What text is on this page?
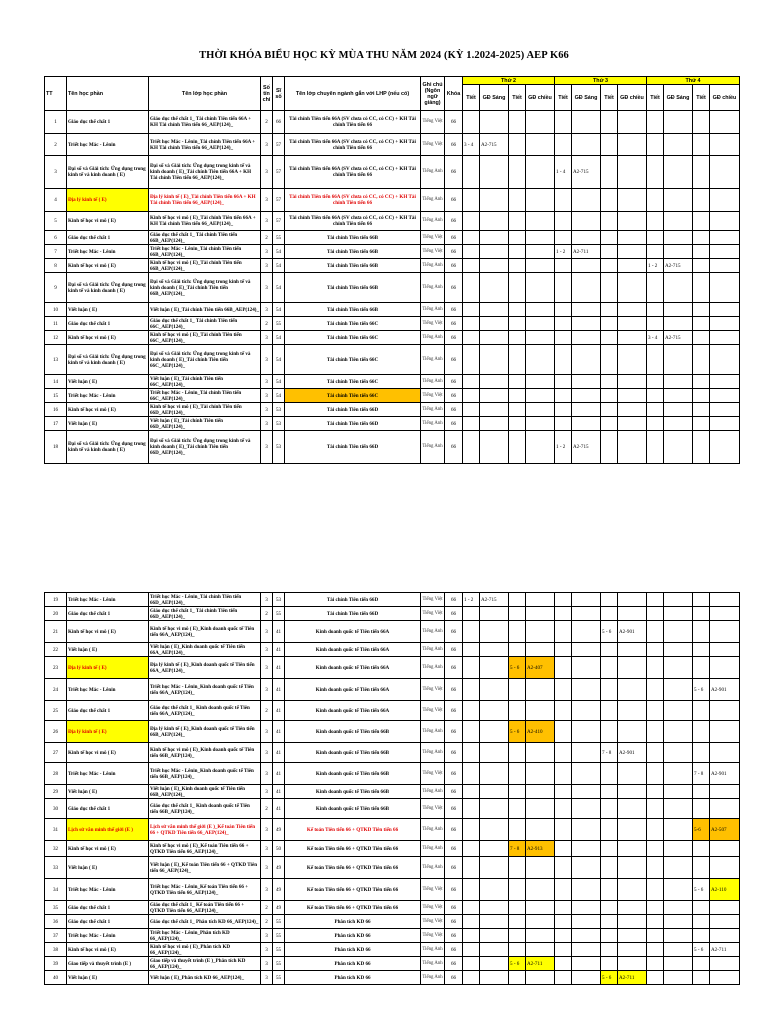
THỜI KHÓA BIỂU HỌC KỲ MÙA THU NĂM 2024 (KỲ 1.2024-2025) AEP K66
TT	Tên học phần	Tên lớp học phần	Số tín chỉ	Sĩ số	Tên lớp chuyên ngành gắn với LHP (nếu có)	Ghi chú (Ngôn ngữ giảng)	Khóa	Thứ 2				Thứ 3				Thứ 4			
								Tiết	GĐ Sáng	Tiết	GĐ chiều	Tiết	GĐ Sáng	Tiết	GĐ chiều	Tiết	GĐ Sáng	Tiết	GĐ chiều
1	Giáo dục thể chất 1	Giáo dục thể chất 1_ Tài chính Tiên tiến 66A + KH Tài chính Tiên tiến 66_AEP(124)_	2	66	Tài chính Tiên tiến 66A (SV chưa có CC, có CC) + KH Tài chính Tiên tiến 66	Tiếng Việt	66												
2	Triết học Mác - Lênin	Triết học Mác - Lênin_Tài chính Tiên tiến 66A + KH Tài chính Tiên tiến 66_AEP(124)_	3	57	Tài chính Tiên tiến 66A (SV chưa có CC, có CC) + KH Tài chính Tiên tiến 66	Tiếng Việt	66	3 - 4	A2-715										
3	Đại số và Giải tích: Ứng dụng trong kinh tế và kinh doanh ( E)	Đại số và Giải tích: Ứng dụng trong kinh tế và kinh doanh ( E)_Tài chính Tiên tiến 66A + KH Tài chính Tiên tiến 66_AEP(124)_	3	57	Tài chính Tiên tiến 66A (SV chưa có CC, có CC) + KH Tài chính Tiên tiến 66	Tiếng Anh	66					1 - 4	A2-715						
4	Địa lý kinh tế ( E)	Địa lý kinh tế ( E)_Tài chính Tiên tiến 66A + KH Tài chính Tiên tiến 66_AEP(124)_	3	57	Tài chính Tiên tiến 66A (SV chưa có CC, có CC) + KH Tài chính Tiên tiến 66	Tiếng Anh	66												
5	Kinh tế học vi mô ( E)	Kinh tế học vi mô ( E)_Tài chính Tiên tiến 66A + KH Tài chính Tiên tiến 66_AEP(124)_	3	57	Tài chính Tiên tiến 66A (SV chưa có CC, có CC) + KH Tài chính Tiên tiến 66	Tiếng Anh	66												
6	Giáo dục thể chất 1	Giáo dục thể chất 1_ Tài chính Tiên tiến 66B_AEP(124)_	2	55	Tài chính Tiên tiến 66B	Tiếng Việt	66												
7	Triết học Mác - Lênin	Triết học Mác - Lênin_Tài chính Tiên tiến 66B_AEP(124)_	3	54	Tài chính Tiên tiến 66B	Tiếng Việt	66					1 - 2	A2-711						
8	Kinh tế học vi mô ( E)	Kinh tế học vi mô ( E)_Tài chính Tiên tiến 66B_AEP(124)_	3	54	Tài chính Tiên tiến 66B	Tiếng Anh	66									1 - 2	A2-715		
9	Đại số và Giải tích: Ứng dụng trong kinh tế và kinh doanh ( E)	Đại số và Giải tích: Ứng dụng trong kinh tế và kinh doanh ( E)_Tài chính Tiên tiến 66B_AEP(124)_	3	54	Tài chính Tiên tiến 66B	Tiếng Anh	66												
10	Viết luận ( E)	Viết luận ( E)_Tài chính Tiên tiến 66B_AEP(124)_	3	54	Tài chính Tiên tiến 66B	Tiếng Anh	66												
11	Giáo dục thể chất 1	Giáo dục thể chất 1_ Tài chính Tiên tiến 66C_AEP(124)_	2	55	Tài chính Tiên tiến 66C	Tiếng Việt	66												
12	Kinh tế học vi mô ( E)	Kinh tế học vi mô ( E)_Tài chính Tiên tiến 66C_AEP(124)_	3	54	Tài chính Tiên tiến 66C	Tiếng Anh	66									3 - 4	A2-715		
13	Đại số và Giải tích: Ứng dụng trong kinh tế và kinh doanh ( E)	Đại số và Giải tích: Ứng dụng trong kinh tế và kinh doanh ( E)_Tài chính Tiên tiến 66C_AEP(124)_	3	54	Tài chính Tiên tiến 66C	Tiếng Anh	66												
14	Viết luận ( E)	Viết luận ( E)_Tài chính Tiên tiến 66C_AEP(124)_	3	54	Tài chính Tiên tiến 66C	Tiếng Anh	66												
15	Triết học Mác - Lênin	Triết học Mác - Lênin_Tài chính Tiên tiến 66C_AEP(124)_	3	54	Tài chính Tiên tiến 66C	Tiếng Việt	66												
16	Kinh tế học vi mô ( E)	Kinh tế học vi mô ( E)_Tài chính Tiên tiến 66D_AEP(124)_	3	53	Tài chính Tiên tiến 66D	Tiếng Anh	66												
17	Viết luận ( E)	Viết luận ( E)_Tài chính Tiên tiến 66D_AEP(124)_	3	53	Tài chính Tiên tiến 66D	Tiếng Anh	66												
18	Đại số và Giải tích: Ứng dụng trong kinh tế và kinh doanh ( E)	Đại số và Giải tích: Ứng dụng trong kinh tế và kinh doanh ( E)_Tài chính Tiên tiến 66D_AEP(124)_	3	53	Tài chính Tiên tiến 66D	Tiếng Anh	66					1 - 2	A2-715						
19	Triết học Mác - Lênin	Triết học Mác - Lênin_Tài chính Tiên tiến 66D_AEP(124)_	3	53	Tài chính Tiên tiến 66D	Tiếng Việt	66	1 - 2	A2-715										
20	Giáo dục thể chất 1	Giáo dục thể chất 1_ Tài chính Tiên tiến 66D_AEP(124)_	2	55	Tài chính Tiên tiến 66D	Tiếng Việt	66												
21	Kinh tế học vi mô ( E)	Kinh tế học vi mô ( E)_Kinh doanh quốc tế Tiên tiến 66A_AEP(124)_	3	41	Kinh doanh quốc tế Tiên tiến 66A	Tiếng Anh	66							5 - 6	A2-901				
22	Viết luận ( E)	Viết luận ( E)_Kinh doanh quốc tế Tiên tiến 66A_AEP(124)_	3	41	Kinh doanh quốc tế Tiên tiến 66A	Tiếng Anh	66												
23	Địa lý kinh tế ( E)	Địa lý kinh tế ( E)_Kinh doanh quốc tế Tiên tiến 66A_AEP(124)_	3	41	Kinh doanh quốc tế Tiên tiến 66A	Tiếng Anh	66			5 - 6	A2-407								
24	Triết học Mác - Lênin	Triết học Mác - Lênin_Kinh doanh quốc tế Tiên tiến 66A_AEP(124)_	3	41	Kinh doanh quốc tế Tiên tiến 66A	Tiếng Việt	66											5 - 6	A2-901
25	Giáo dục thể chất 1	Giáo dục thể chất 1_ Kinh doanh quốc tế Tiên tiến 66A_AEP(124)_	2	41	Kinh doanh quốc tế Tiên tiến 66A	Tiếng Việt	66												
26	Địa lý kinh tế ( E)	Địa lý kinh tế ( E)_Kinh doanh quốc tế Tiên tiến 66B_AEP(124)_	3	41	Kinh doanh quốc tế Tiên tiến 66B	Tiếng Anh	66			5 - 6	A2-410								
27	Kinh tế học vi mô ( E)	Kinh tế học vi mô ( E)_Kinh doanh quốc tế Tiên tiến 66B_AEP(124)_	3	41	Kinh doanh quốc tế Tiên tiến 66B	Tiếng Anh	66							7 - 8	A2-901				
28	Triết học Mác - Lênin	Triết học Mác - Lênin_Kinh doanh quốc tế Tiên tiến 66B_AEP(124)_	3	41	Kinh doanh quốc tế Tiên tiến 66B	Tiếng Việt	66											7 - 8	A2-901
29	Viết luận ( E)	Viết luận ( E)_Kinh doanh quốc tế Tiên tiến 66B_AEP(124)_	3	41	Kinh doanh quốc tế Tiên tiến 66B	Tiếng Anh	66												
30	Giáo dục thể chất 1	Giáo dục thể chất 1_ Kinh doanh quốc tế Tiên tiến 66B_AEP(124)_	2	41	Kinh doanh quốc tế Tiên tiến 66B	Tiếng Việt	66												
31	Lịch sử văn minh thế giới (E )	Lịch sử văn minh thế giới (E )_Kế toán Tiên tiến 66 + QTKD Tiên tiến 66_AEP(124)_	3	49	Kế toán Tiên tiến 66 + QTKD Tiên tiến 66	Tiếng Anh	66											5-6	A2-507
32	Kinh tế học vi mô ( E)	Kinh tế học vi mô ( E)_Kế toán Tiên tiến 66 + QTKD Tiên tiến 66_AEP(124)_	3	50	Kế toán Tiên tiến 66 + QTKD Tiên tiến 66	Tiếng Anh	66			7 - 8	A2-913								
33	Viết luận ( E)	Viết luận ( E)_Kế toán Tiên tiến 66 + QTKD Tiên tiến 66_AEP(124)_	3	49	Kế toán Tiên tiến 66 + QTKD Tiên tiến 66	Tiếng Anh	66												
34	Triết học Mác - Lênin	Triết học Mác - Lênin_Kế toán Tiên tiến 66 + QTKD Tiên tiến 66_AEP(124)_	3	49	Kế toán Tiên tiến 66 + QTKD Tiên tiến 66	Tiếng Việt	66											5 - 6	A2-110
35	Giáo dục thể chất 1	Giáo dục thể chất 1_ Kế toán Tiên tiến 66 + QTKD Tiên tiến 66_AEP(124)_	2	49	Kế toán Tiên tiến 66 + QTKD Tiên tiến 66	Tiếng Việt	66												
36	Giáo dục thể chất 1	Giáo dục thể chất 1_ Phân tích KD 66_AEP(124)_	2	55	Phân tích KD 66	Tiếng Việt	66												
37	Triết học Mác - Lênin	Triết học Mác - Lênin_Phân tích KD 66_AEP(124)_	3	55	Phân tích KD 66	Tiếng Việt	66												
38	Kinh tế học vi mô ( E)	Kinh tế học vi mô ( E)_Phân tích KD 66_AEP(124)_	3	55	Phân tích KD 66	Tiếng Anh	66											5 - 6	A2-711
39	Giao tiếp và thuyết trình (E )	Giao tiếp và thuyết trình (E )_Phân tích KD 66_AEP(124)_	3	55	Phân tích KD 66	Tiếng Anh	66			5 - 6	A2-711								
40	Viết luận ( E)	Viết luận ( E)_Phân tích KD 66_AEP(124)_	3	55	Phân tích KD 66	Tiếng Anh	66							5 - 6	A2-711				
